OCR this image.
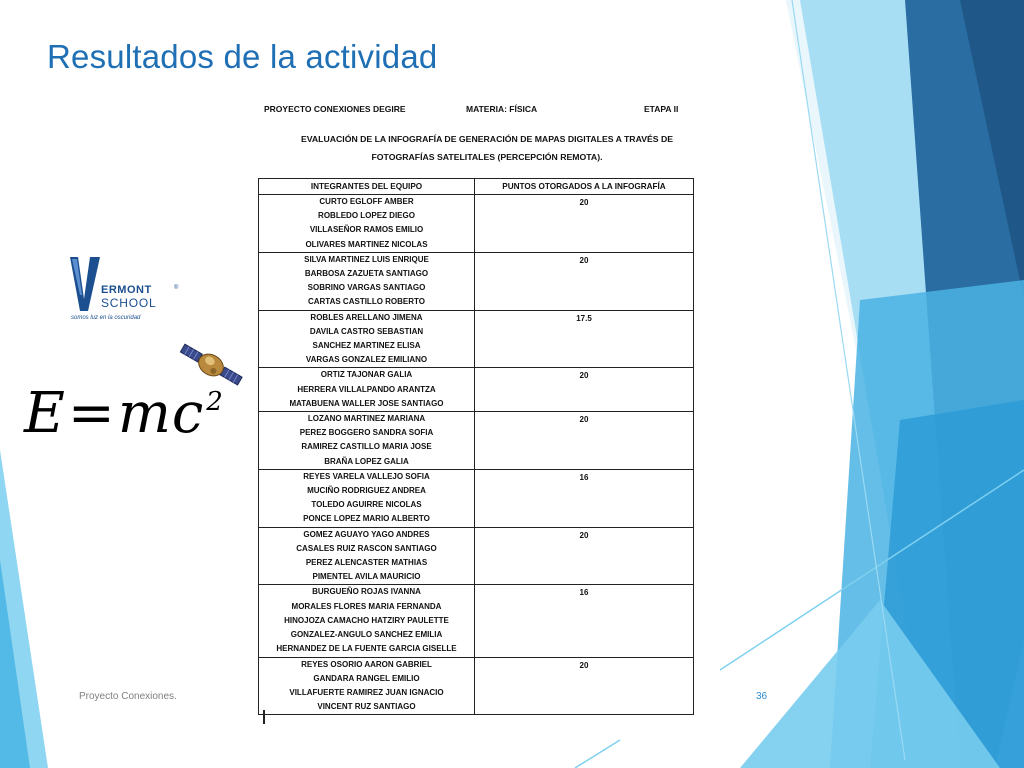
Resultados de la actividad
ERMONT	®
SCHOOL
somos luz en la oscuridad
$E=mc^2$
PROYECTO CONEXIONES DEGIRE	MATERIA: FÍSICA	ETAPA II
EVALUACIÓN DE LA INFOGRAFÍA DE GENERACIÓN DE MAPAS DIGITALES A TRAVÉS DE
FOTOGRAFÍAS SATELITALES (PERCEPCIÓN REMOTA).
INTEGRANTES DEL EQUIPO	PUNTOS OTORGADOS A LA INFOGRAFÍA

CURTO EGLOFF AMBER
ROBLEDO LOPEZ DIEGO
VILLASEÑOR RAMOS EMILIO
OLIVARES MARTINEZ NICOLAS	20

SILVA MARTINEZ LUIS ENRIQUE
BARBOSA ZAZUETA SANTIAGO
SOBRINO VARGAS SANTIAGO
CARTAS CASTILLO ROBERTO	20

ROBLES ARELLANO JIMENA
DAVILA CASTRO SEBASTIAN
SANCHEZ MARTINEZ ELISA
VARGAS GONZALEZ EMILIANO	17.5

ORTIZ TAJONAR GALIA
HERRERA VILLALPANDO ARANTZA
MATABUENA WALLER JOSE SANTIAGO	20

LOZANO MARTINEZ MARIANA
PEREZ BOGGERO SANDRA SOFIA
RAMIREZ CASTILLO MARIA JOSE
BRAÑA LOPEZ GALIA	20

REYES VARELA VALLEJO SOFIA
MUCIÑO RODRIGUEZ ANDREA
TOLEDO AGUIRRE NICOLAS
PONCE LOPEZ MARIO ALBERTO	16

GOMEZ AGUAYO YAGO ANDRES
CASALES RUIZ RASCON SANTIAGO
PEREZ ALENCASTER MATHIAS
PIMENTEL AVILA MAURICIO	20

BURGUEÑO ROJAS IVANNA
MORALES FLORES MARIA FERNANDA
HINOJOZA CAMACHO HATZIRY PAULETTE
GONZALEZ-ANGULO SANCHEZ EMILIA
HERNANDEZ DE LA FUENTE GARCIA GISELLE	16

REYES OSORIO AARON GABRIEL
GANDARA RANGEL EMILIO
VILLAFUERTE RAMIREZ JUAN IGNACIO
VINCENT RUZ SANTIAGO	20
Proyecto Conexiones.	36
